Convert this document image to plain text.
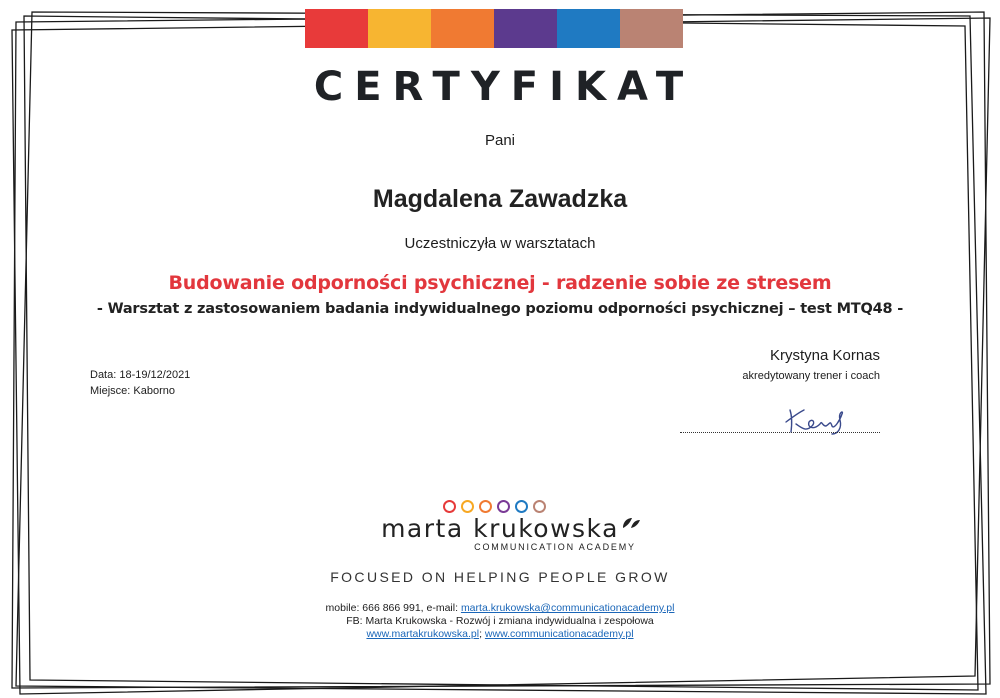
CERTYFIKAT
Pani
Magdalena Zawadzka
Uczestniczyła w warsztatach
Budowanie odporności psychicznej - radzenie sobie ze stresem
- Warsztat z zastosowaniem badania indywidualnego poziomu odporności psychicznej – test MTQ48 -
Data: 18-19/12/2021
Miejsce: Kaborno
Krystyna Kornas
akredytowany trener i coach
marta krukowska
COMMUNICATION ACADEMY
FOCUSED ON HELPING PEOPLE GROW
mobile: 666 866 991, e-mail: marta.krukowska@communicationacademy.pl
FB: Marta Krukowska - Rozwój i zmiana indywidualna i zespołowa
www.martakrukowska.pl; www.communicationacademy.pl
